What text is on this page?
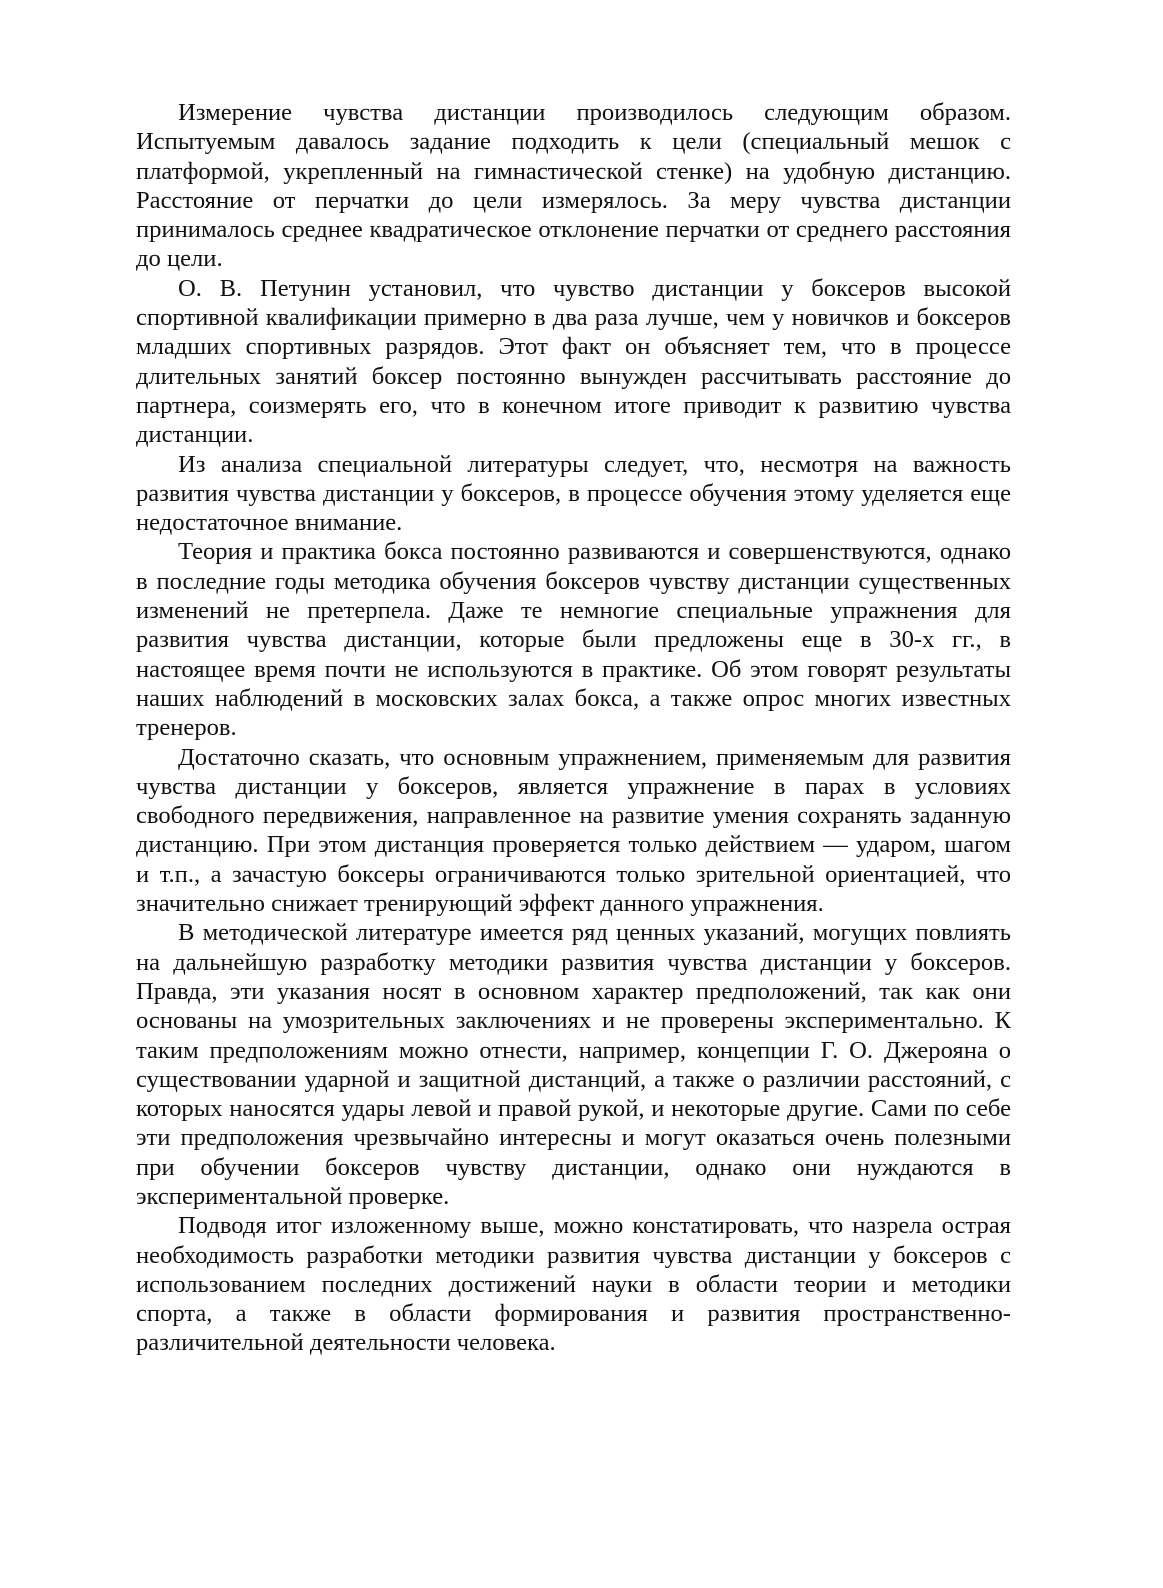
Измерение чувства дистанции производилось следующим образом. Испытуемым давалось задание подходить к цели (специальный мешок с платформой, укрепленный на гимнастической стенке) на удобную дистанцию. Расстояние от перчатки до цели измерялось. За меру чувства дистанции принималось среднее квадратическое отклонение перчатки от среднего расстояния до цели.

О. В. Петунин установил, что чувство дистанции у боксеров высокой спортивной квалификации примерно в два раза лучше, чем у новичков и боксеров младших спортивных разрядов. Этот факт он объясняет тем, что в процессе длительных занятий боксер постоянно вынужден рассчитывать расстояние до партнера, соизмерять его, что в конечном итоге приводит к развитию чувства дистанции.

Из анализа специальной литературы следует, что, несмотря на важность развития чувства дистанции у боксеров, в процессе обучения этому уделяется еще недостаточное внимание.

Теория и практика бокса постоянно развиваются и совершенствуются, однако в последние годы методика обучения боксеров чувству дистанции существенных изменений не претерпела. Даже те немногие специальные упражнения для развития чувства дистанции, которые были предложены еще в 30-х гг., в настоящее время почти не используются в практике. Об этом говорят результаты наших наблюдений в московских залах бокса, а также опрос многих известных тренеров.

Достаточно сказать, что основным упражнением, применяемым для развития чувства дистанции у боксеров, является упражнение в парах в условиях свободного передвижения, направленное на развитие умения сохранять заданную дистанцию. При этом дистанция проверяется только действием — ударом, шагом и т.п., а зачастую боксеры ограничиваются только зрительной ориентацией, что значительно снижает тренирующий эффект данного упражнения.

В методической литературе имеется ряд ценных указаний, могущих повлиять на дальнейшую разработку методики развития чувства дистанции у боксеров. Правда, эти указания носят в основном характер предположений, так как они основаны на умозрительных заключениях и не проверены экспериментально. К таким предположениям можно отнести, например, концепции Г. О. Джерояна о существовании ударной и защитной дистанций, а также о различии расстояний, с которых наносятся удары левой и правой рукой, и некоторые другие. Сами по себе эти предположения чрезвычайно интересны и могут оказаться очень полезными при обучении боксеров чувству дистанции, однако они нуждаются в экспериментальной проверке.

Подводя итог изложенному выше, можно констатировать, что назрела острая необходимость разработки методики развития чувства дистанции у боксеров с использованием последних достижений науки в области теории и методики спорта, а также в области формирования и развития пространственно-различительной деятельности человека.
